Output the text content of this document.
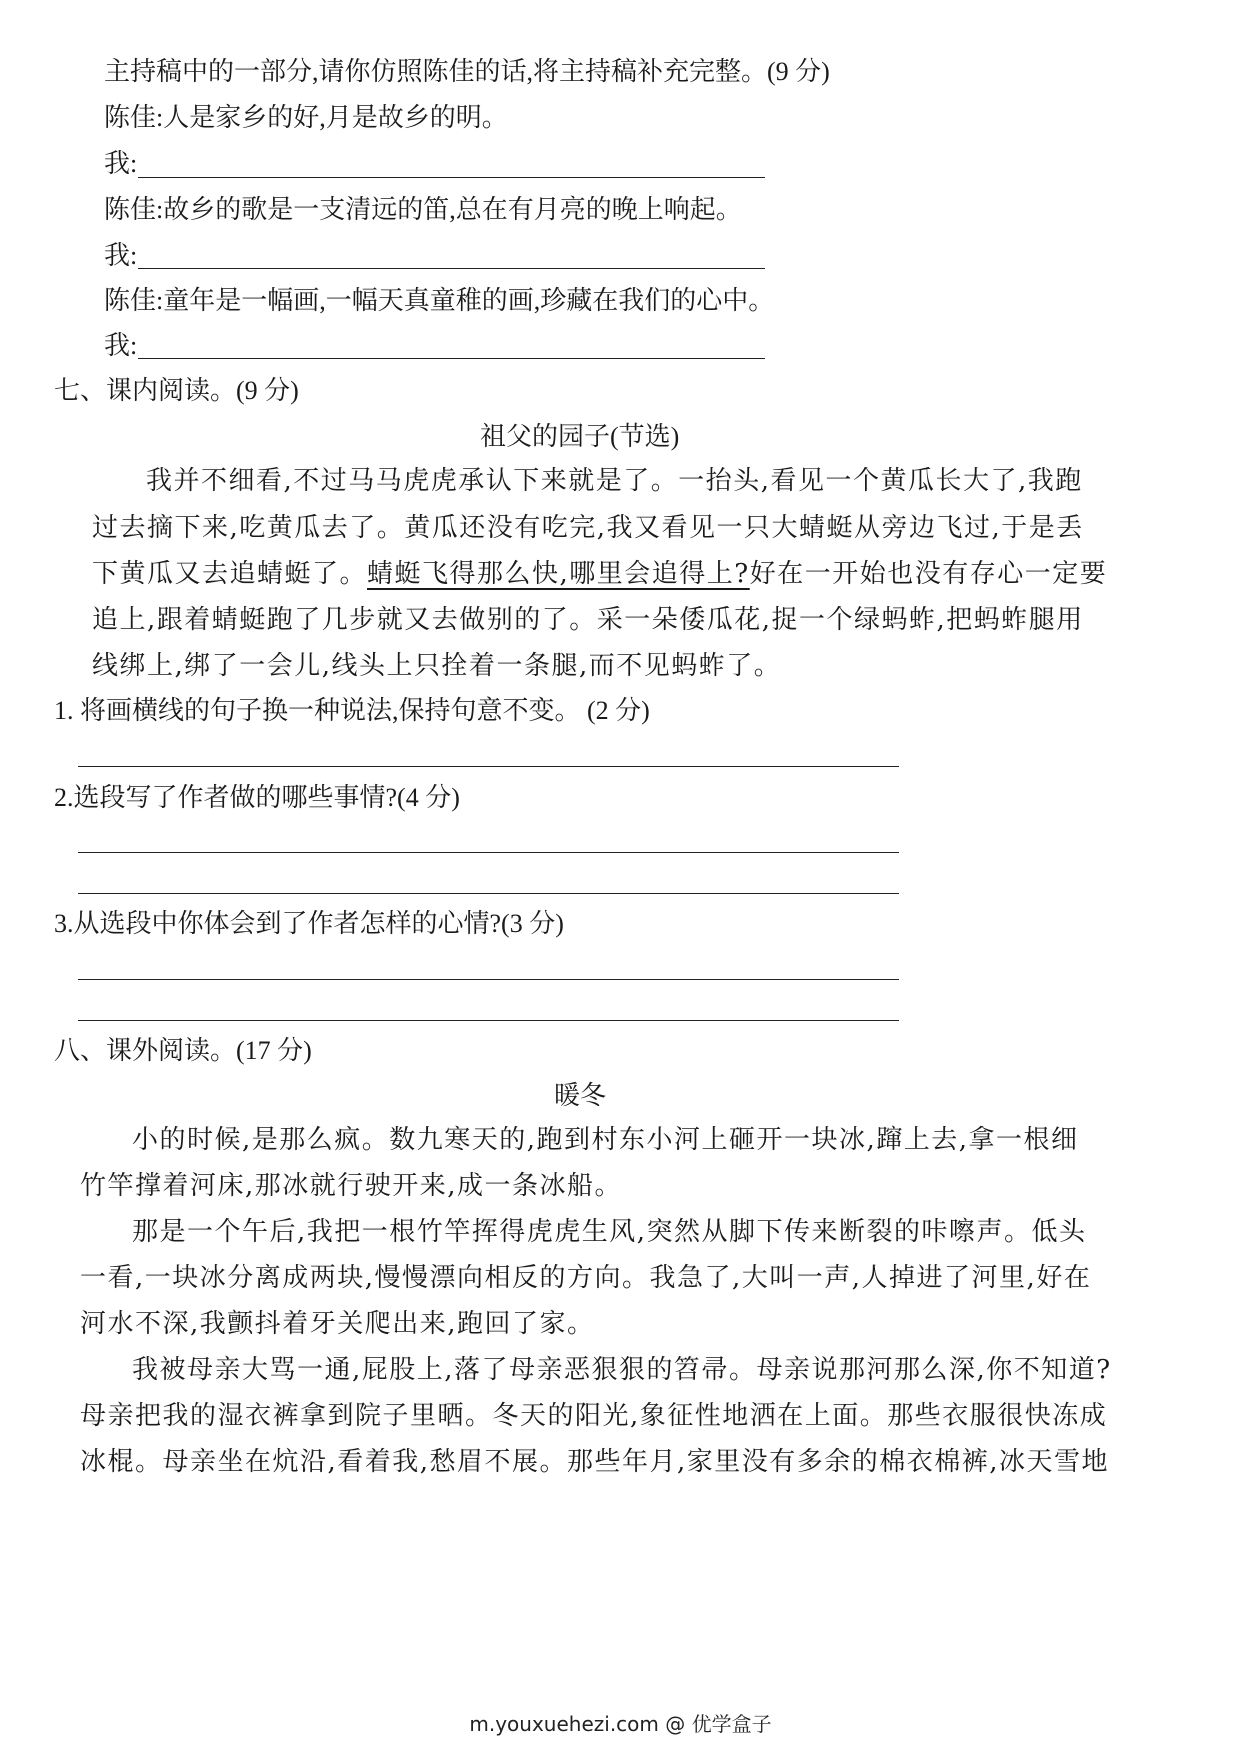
主持稿中的一部分,请你仿照陈佳的话,将主持稿补充完整。(9 分)
陈佳:人是家乡的好,月是故乡的明。
我:
陈佳:故乡的歌是一支清远的笛,总在有月亮的晚上响起。
我:
陈佳:童年是一幅画,一幅天真童稚的画,珍藏在我们的心中。
我:
七、课内阅读。(9 分)
祖父的园子(节选)
我并不细看,不过马马虎虎承认下来就是了。一抬头,看见一个黄瓜长大了,我跑
过去摘下来,吃黄瓜去了。黄瓜还没有吃完,我又看见一只大蜻蜓从旁边飞过,于是丢
下黄瓜又去追蜻蜓了。蜻蜓飞得那么快,哪里会追得上?好在一开始也没有存心一定要
追上,跟着蜻蜓跑了几步就又去做别的了。采一朵倭瓜花,捉一个绿蚂蚱,把蚂蚱腿用
线绑上,绑了一会儿,线头上只拴着一条腿,而不见蚂蚱了。
1. 将画横线的句子换一种说法,保持句意不变。 (2 分)
2.选段写了作者做的哪些事情?(4 分)
3.从选段中你体会到了作者怎样的心情?(3 分)
八、课外阅读。(17 分)
暖冬
小的时候,是那么疯。数九寒天的,跑到村东小河上砸开一块冰,蹿上去,拿一根细
竹竿撑着河床,那冰就行驶开来,成一条冰船。
那是一个午后,我把一根竹竿挥得虎虎生风,突然从脚下传来断裂的咔嚓声。低头
一看,一块冰分离成两块,慢慢漂向相反的方向。我急了,大叫一声,人掉进了河里,好在
河水不深,我颤抖着牙关爬出来,跑回了家。
我被母亲大骂一通,屁股上,落了母亲恶狠狠的笤帚。母亲说那河那么深,你不知道?
母亲把我的湿衣裤拿到院子里晒。冬天的阳光,象征性地洒在上面。那些衣服很快冻成
冰棍。母亲坐在炕沿,看着我,愁眉不展。那些年月,家里没有多余的棉衣棉裤,冰天雪地
m.youxuehezi.com @ 优学盒子
